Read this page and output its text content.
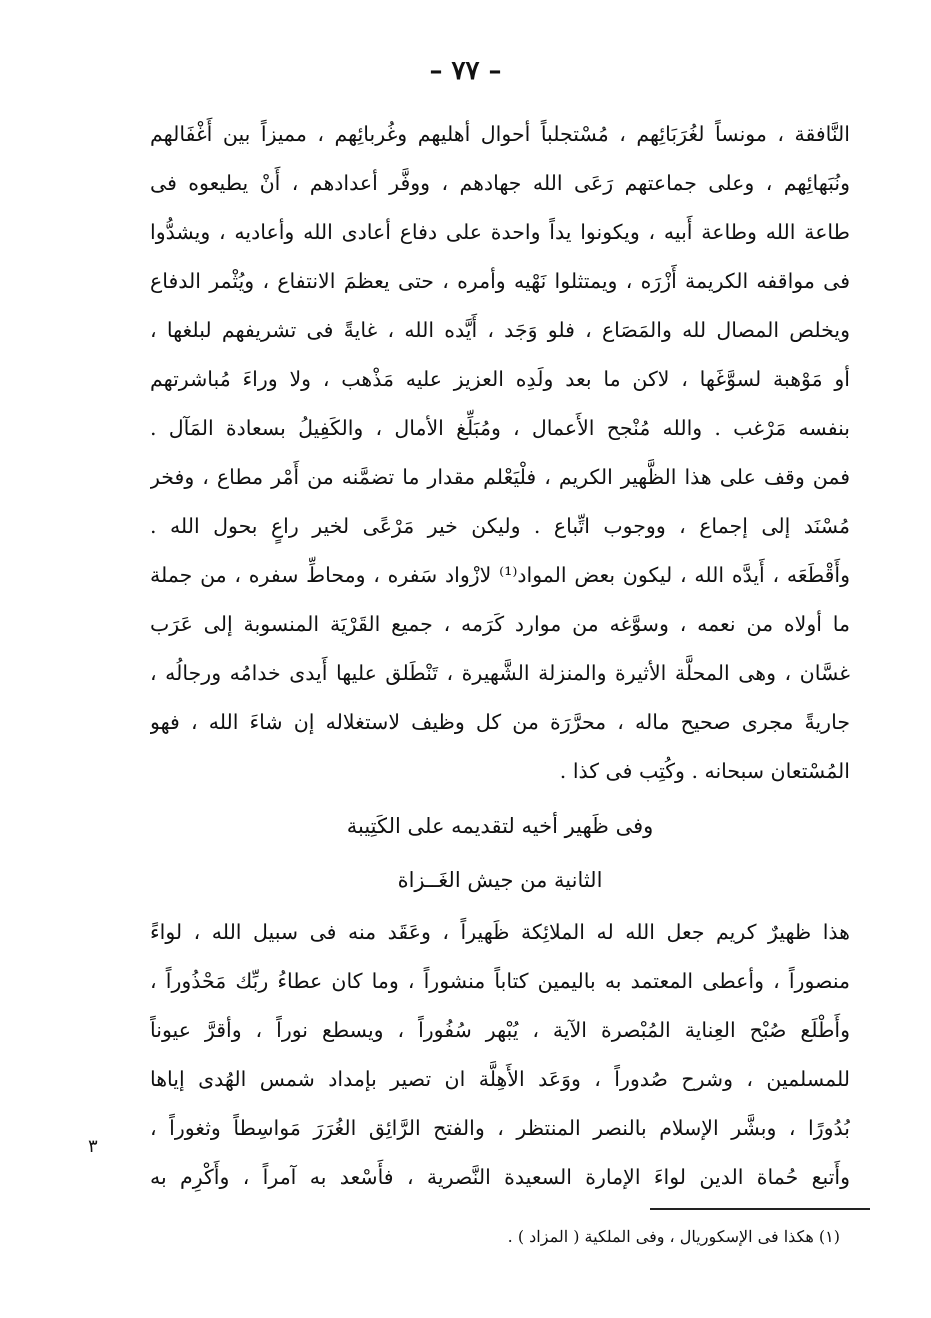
– ٧٧ –
النَّافقة ، مونساً لغُرَبَائِهم ، مُسْتجلباً أحوال أهليهم وغُربائِهم ، مميزاً بين أَغْفَالهم
ونُبَهائِهم ، وعلى جماعتهم رَعَى الله جهادهم ، ووفَّر أعدادهم ، أَنْ يطيعوه فى
طاعة الله وطاعة أَبيه ، ويكونوا يداً واحدة على دفاع أعادى الله وأعاديه ، ويشدُّوا
فى مواقفه الكريمة أَزْرَه ، ويمتثلوا نَهْيه وأمره ، حتى يعظمَ الانتفاع ، ويُثْمر الدفاع
ويخلص المصال لله والمَصَاع ، فلو وَجَد ، أَيَّده الله ، غايةً فى تشريفهم لبلغها ،
أو مَوْهبة لسوَّغَها ، لاكن ما بعد ولَدِه العزيز عليه مَذْهب ، ولا وراءَ مُباشرتهم
بنفسه مَرْغب . والله مُنْجح الأَعمال ، ومُبَلِّغ الأمال ، والكَفِيلُ بسعادة المَآل .
فمن وقف على هذا الظَّهير الكريم ، فلْيَعْلم مقدار ما تضمَّنه من أَمْر مطاع ، وفخر
مُسْنَد إلى إجماع ، ووجوب اتِّباع . وليكن خير مَرْعًى لخير راعٍ بحول الله .
وأَقْطَعَه ، أَيدَّه الله ، ليكون بعض المواد⁽¹⁾ لازْواد سَفره ، ومحاطِّ سفره ، من جملة
ما أولاه من نعمه ، وسوَّغه من موارد كَرَمه ، جميع القَرْيَة المنسوبة إلى عَرَب
غسَّان ، وهى المحلَّة الأثيرة والمنزلة الشَّهيرة ، تَنْطَلق عليها أَيدى خدامُه ورجالُه ،
جاريةً مجرى صحيح ماله ، محرَّرَة من كل وظيف لاستغلاله إن شاءَ الله ، فهو
المُسْتعان سبحانه . وكُتِب فى كذا .
وفى ظَهير أخيه لتقديمه على الكَتِيبة
الثانية من جيش الغَــزاة
هذا ظهيرٌ كريم جعل الله له الملائِكة ظَهيراً ، وعَقَد منه فى سبيل الله ، لواءً
منصوراً ، وأعطى المعتمد به باليمين كتاباً منشوراً ، وما كان عطاءُ ربِّك مَحْذُوراً ،
وأَطْلَع صُبْح العِناية المُبْصرة الآية ، يُبْهر سُفُوراً ، ويسطع نوراً ، وأقرَّ عيوناً
للمسلمين ، وشرح صُدوراً ، ووَعَد الأَهِلَّة ان تصير بإمداد شمس الهُدى إياها
بُدُورًا ، وبشَّر الإسلام بالنصر المنتظر ، والفتح الرَّائِق الغُرَرَ مَواسِطاً وثغوراً ،
وأَتبع حُماة الدين لواءَ الإمارة السعيدة النَّصرية ، فأَسْعد به آمراً ، وأَكْرِم به
٣
(١) هكذا فى الإسكوريال ، وفى الملكية ( المزاد ) .
